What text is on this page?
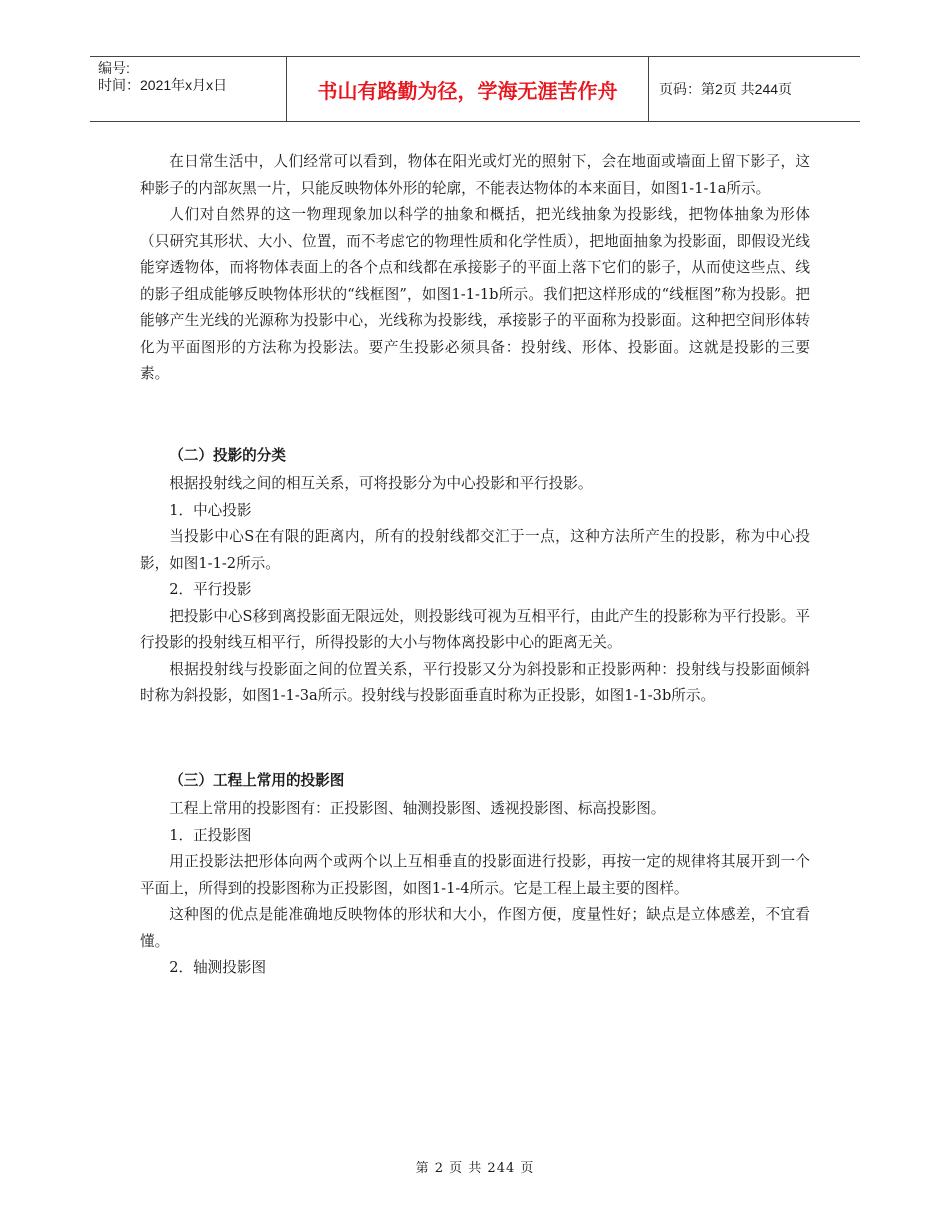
编号:
时间：2021年x月x日	书山有路勤为径，学海无涯苦作舟	页码：第2页 共244页

在日常生活中，人们经常可以看到，物体在阳光或灯光的照射下，会在地面或墙面上留下影子，这种影子的内部灰黑一片，只能反映物体外形的轮廓，不能表达物体的本来面目，如图1-1-1a所示。

人们对自然界的这一物理现象加以科学的抽象和概括，把光线抽象为投影线，把物体抽象为形体（只研究其形状、大小、位置，而不考虑它的物理性质和化学性质），把地面抽象为投影面，即假设光线能穿透物体，而将物体表面上的各个点和线都在承接影子的平面上落下它们的影子，从而使这些点、线的影子组成能够反映物体形状的“线框图”，如图1-1-1b所示。我们把这样形成的“线框图”称为投影。把能够产生光线的光源称为投影中心，光线称为投影线，承接影子的平面称为投影面。这种把空间形体转化为平面图形的方法称为投影法。要产生投影必须具备：投射线、形体、投影面。这就是投影的三要素。

（二）投影的分类

根据投射线之间的相互关系，可将投影分为中心投影和平行投影。

1．中心投影

当投影中心S在有限的距离内，所有的投射线都交汇于一点，这种方法所产生的投影，称为中心投影，如图1-1-2所示。

2．平行投影

把投影中心S移到离投影面无限远处，则投影线可视为互相平行，由此产生的投影称为平行投影。平行投影的投射线互相平行，所得投影的大小与物体离投影中心的距离无关。

根据投射线与投影面之间的位置关系，平行投影又分为斜投影和正投影两种：投射线与投影面倾斜时称为斜投影，如图1-1-3a所示。投射线与投影面垂直时称为正投影，如图1-1-3b所示。

（三）工程上常用的投影图

工程上常用的投影图有：正投影图、轴测投影图、透视投影图、标高投影图。

1．正投影图

用正投影法把形体向两个或两个以上互相垂直的投影面进行投影，再按一定的规律将其展开到一个平面上，所得到的投影图称为正投影图，如图1-1-4所示。它是工程上最主要的图样。

这种图的优点是能准确地反映物体的形状和大小，作图方便，度量性好；缺点是立体感差，不宜看懂。

2．轴测投影图

第 2 页 共 244 页
